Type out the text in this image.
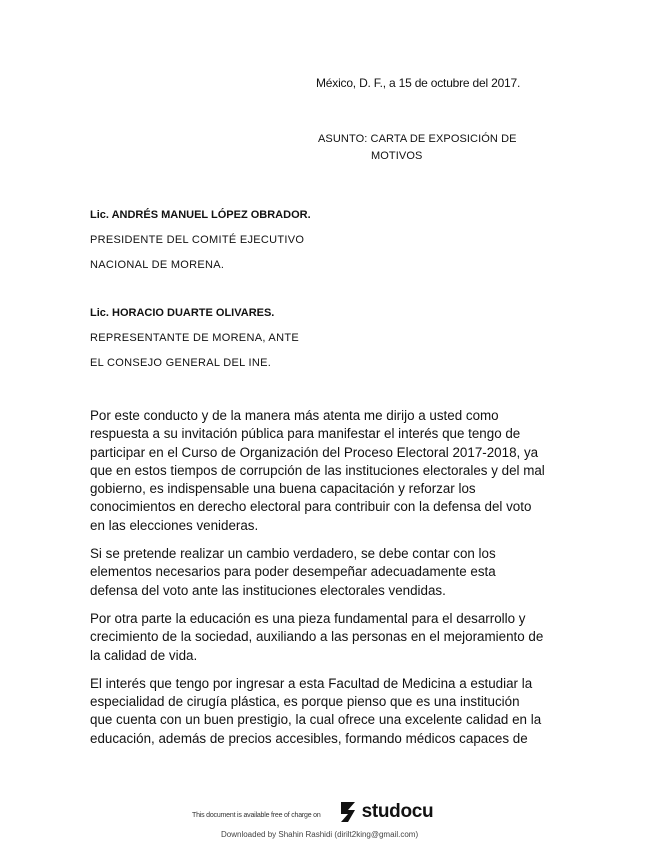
México, D. F., a 15 de octubre del 2017.
ASUNTO: CARTA DE EXPOSICIÓN DE
MOTIVOS
Lic. ANDRÉS MANUEL LÓPEZ OBRADOR.
PRESIDENTE DEL COMITÉ EJECUTIVO
NACIONAL DE MORENA.
Lic. HORACIO DUARTE OLIVARES.
REPRESENTANTE DE MORENA, ANTE
EL CONSEJO GENERAL DEL INE.

Por este conducto y de la manera más atenta me dirijo a usted como
respuesta a su invitación pública para manifestar el interés que tengo de
participar en el Curso de Organización del Proceso Electoral 2017-2018, ya
que en estos tiempos de corrupción de las instituciones electorales y del mal
gobierno, es indispensable una buena capacitación y reforzar los
conocimientos en derecho electoral para contribuir con la defensa del voto
en las elecciones venideras.

Si se pretende realizar un cambio verdadero, se debe contar con los
elementos necesarios para poder desempeñar adecuadamente esta
defensa del voto ante las instituciones electorales vendidas.

Por otra parte la educación es una pieza fundamental para el desarrollo y
crecimiento de la sociedad, auxiliando a las personas en el mejoramiento de
la calidad de vida.

El interés que tengo por ingresar a esta Facultad de Medicina a estudiar la
especialidad de cirugía plástica, es porque pienso que es una institución
que cuenta con un buen prestigio, la cual ofrece una excelente calidad en la
educación, además de precios accesibles, formando médicos capaces de

This document is available free of charge on studocu
Downloaded by Shahin Rashidi (dirilt2king@gmail.com)
